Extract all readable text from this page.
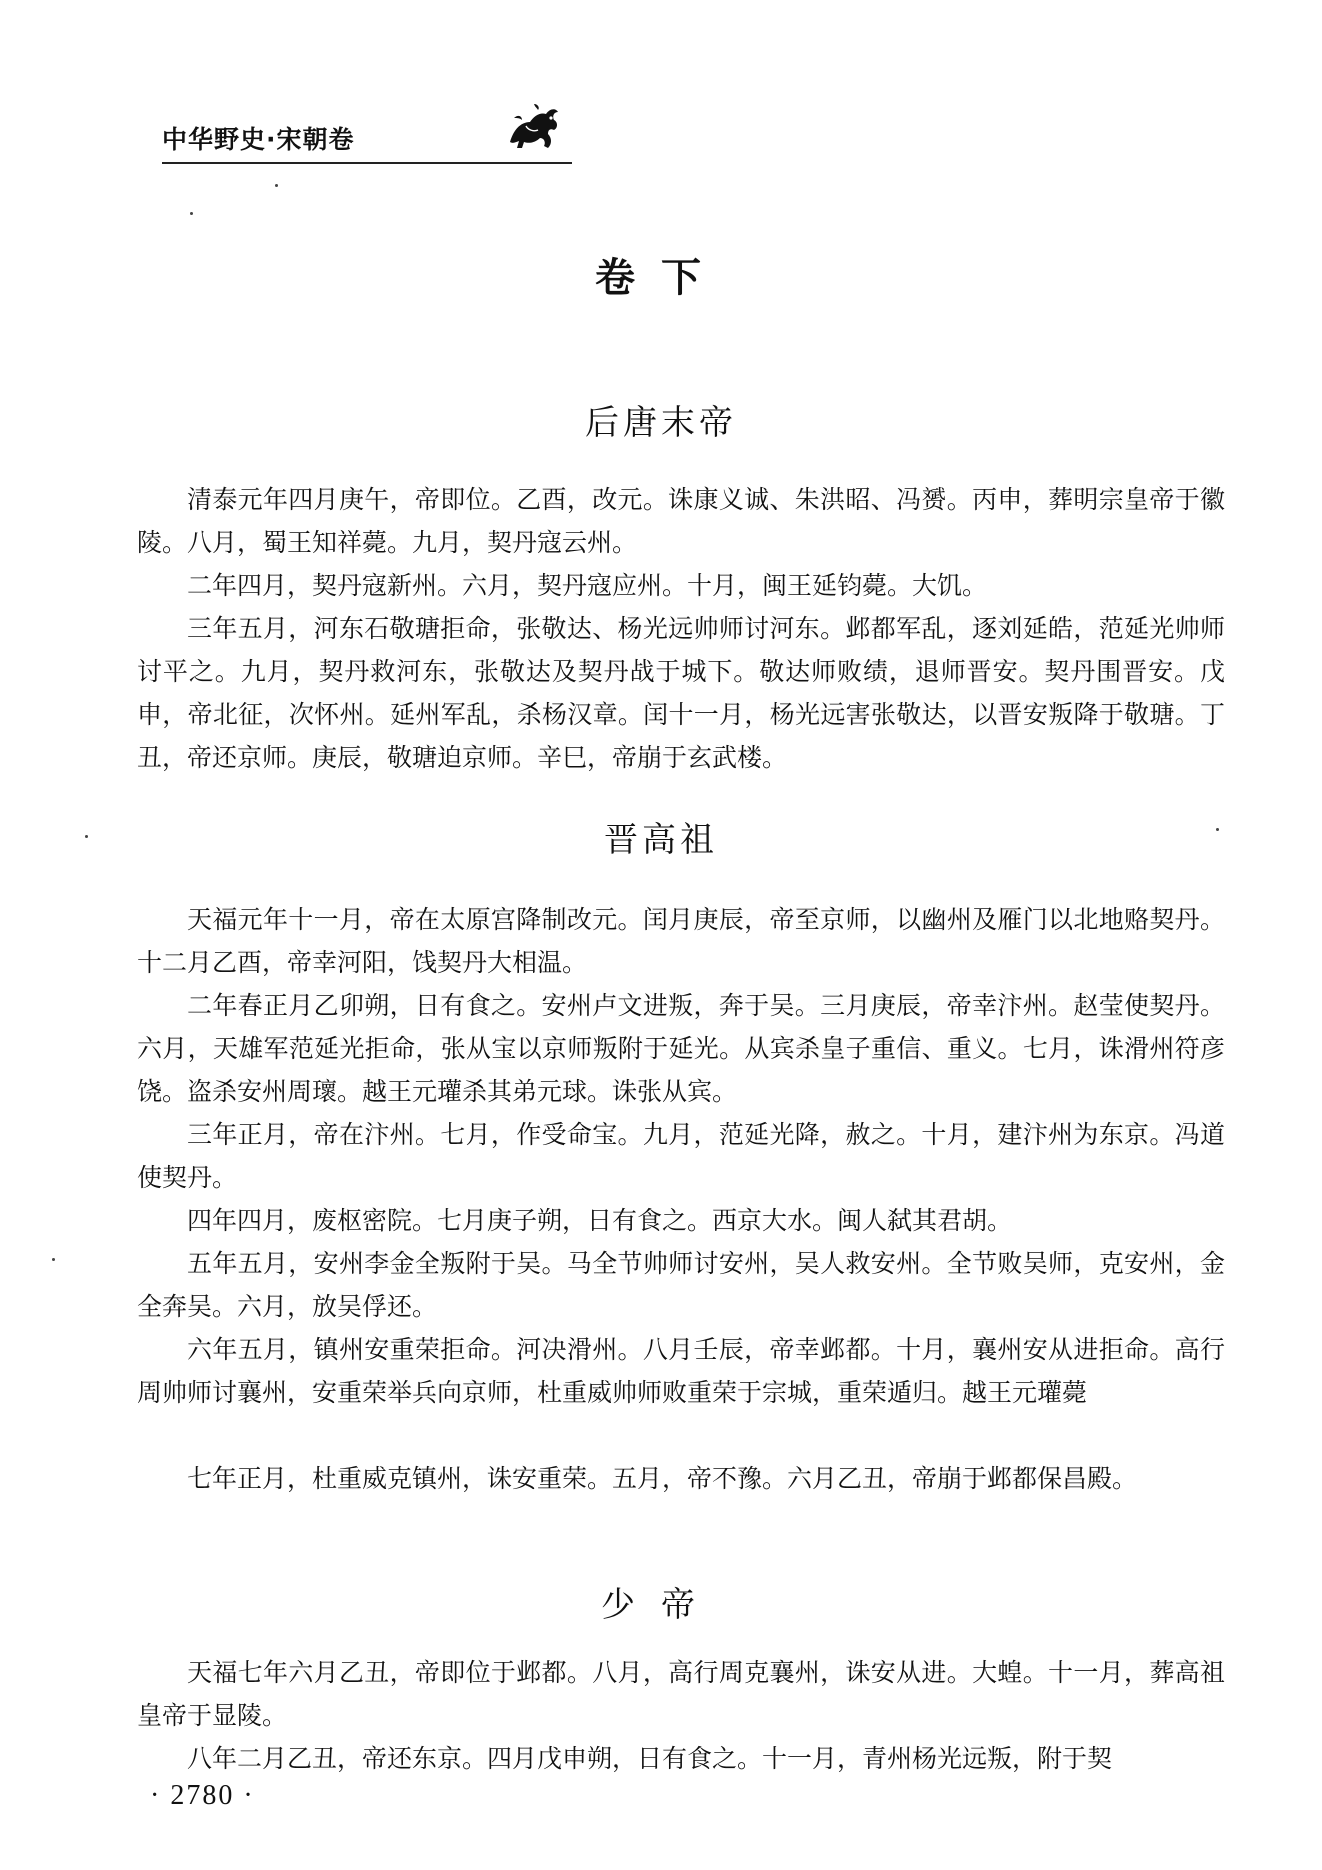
中华野史·宋朝卷
卷下
后唐末帝

清泰元年四月庚午，帝即位。乙酉，改元。诛康义诚、朱洪昭、冯赟。丙申，葬明宗皇帝于徽陵。八月，蜀王知祥薨。九月，契丹寇云州。

二年四月，契丹寇新州。六月，契丹寇应州。十月，闽王延钧薨。大饥。

三年五月，河东石敬瑭拒命，张敬达、杨光远帅师讨河东。邺都军乱，逐刘延皓，范延光帅师讨平之。九月，契丹救河东，张敬达及契丹战于城下。敬达师败绩，退师晋安。契丹围晋安。戊申，帝北征，次怀州。延州军乱，杀杨汉章。闰十一月，杨光远害张敬达，以晋安叛降于敬瑭。丁丑，帝还京师。庚辰，敬瑭迫京师。辛巳，帝崩于玄武楼。

晋高祖

天福元年十一月，帝在太原宫降制改元。闰月庚辰，帝至京师，以幽州及雁门以北地赂契丹。十二月乙酉，帝幸河阳，饯契丹大相温。

二年春正月乙卯朔，日有食之。安州卢文进叛，奔于吴。三月庚辰，帝幸汴州。赵莹使契丹。六月，天雄军范延光拒命，张从宝以京师叛附于延光。从宾杀皇子重信、重义。七月，诛滑州符彦饶。盗杀安州周瓌。越王元瓘杀其弟元球。诛张从宾。

三年正月，帝在汴州。七月，作受命宝。九月，范延光降，赦之。十月，建汴州为东京。冯道使契丹。

四年四月，废枢密院。七月庚子朔，日有食之。西京大水。闽人弑其君胡。

五年五月，安州李金全叛附于吴。马全节帅师讨安州，吴人救安州。全节败吴师，克安州，金全奔吴。六月，放吴俘还。

六年五月，镇州安重荣拒命。河决滑州。八月壬辰，帝幸邺都。十月，襄州安从进拒命。高行周帅师讨襄州，安重荣举兵向京师，杜重威帅师败重荣于宗城，重荣遁归。越王元瓘薨

七年正月，杜重威克镇州，诛安重荣。五月，帝不豫。六月乙丑，帝崩于邺都保昌殿。

少帝

天福七年六月乙丑，帝即位于邺都。八月，高行周克襄州，诛安从进。大蝗。十一月，葬高祖皇帝于显陵。

八年二月乙丑，帝还东京。四月戊申朔，日有食之。十一月，青州杨光远叛，附于契

· 2780 ·
